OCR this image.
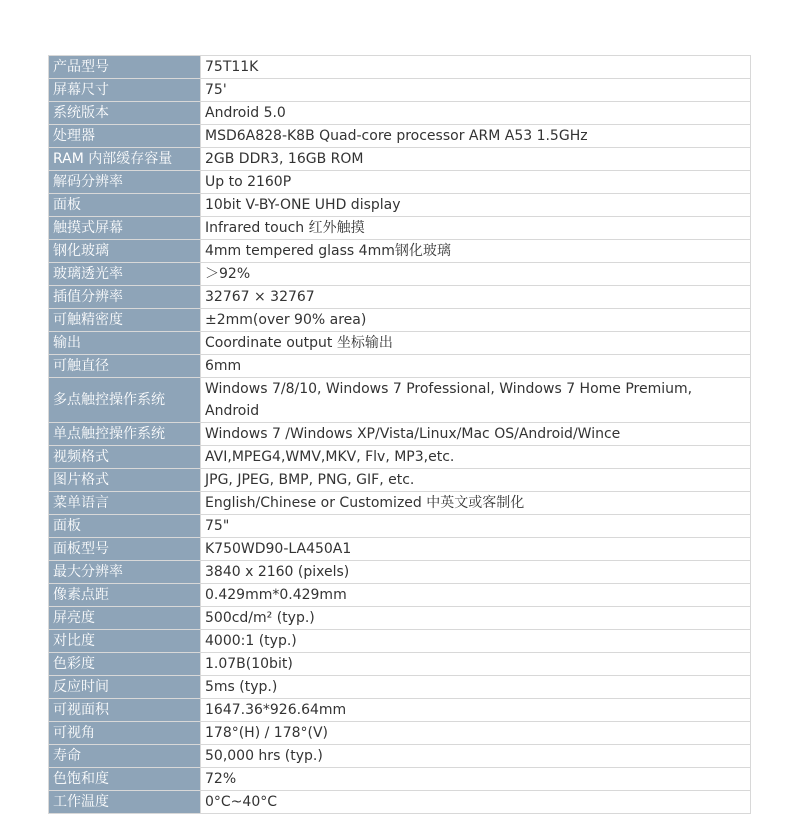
产品型号	75T11K
屏幕尺寸	75'
系统版本	Android 5.0
处理器	MSD6A828-K8B Quad-core processor ARM A53 1.5GHz
RAM 内部缓存容量	2GB DDR3, 16GB ROM
解码分辨率	Up to 2160P
面板	10bit V-BY-ONE UHD display
触摸式屏幕	Infrared touch 红外触摸
钢化玻璃	4mm tempered glass 4mm钢化玻璃
玻璃透光率	＞92%
插值分辨率	32767 × 32767
可触精密度	±2mm(over 90% area)
输出	Coordinate output 坐标输出
可触直径	6mm
多点触控操作系统	Windows 7/8/10, Windows 7 Professional, Windows 7 Home Premium, Android
单点触控操作系统	Windows 7 /Windows XP/Vista/Linux/Mac OS/Android/Wince
视频格式	AVI,MPEG4,WMV,MKV, Flv, MP3,etc.
图片格式	JPG, JPEG, BMP, PNG, GIF, etc.
菜单语言	English/Chinese or Customized 中英文或客制化
面板	75"
面板型号	K750WD90-LA450A1
最大分辨率	3840 x 2160 (pixels)
像素点距	0.429mm*0.429mm
屏亮度	500cd/m² (typ.)
对比度	4000:1 (typ.)
色彩度	1.07B(10bit)
反应时间	5ms (typ.)
可视面积	1647.36*926.64mm
可视角	178°(H) / 178°(V)
寿命	50,000 hrs (typ.)
色饱和度	72%
工作温度	0°C~40°C
